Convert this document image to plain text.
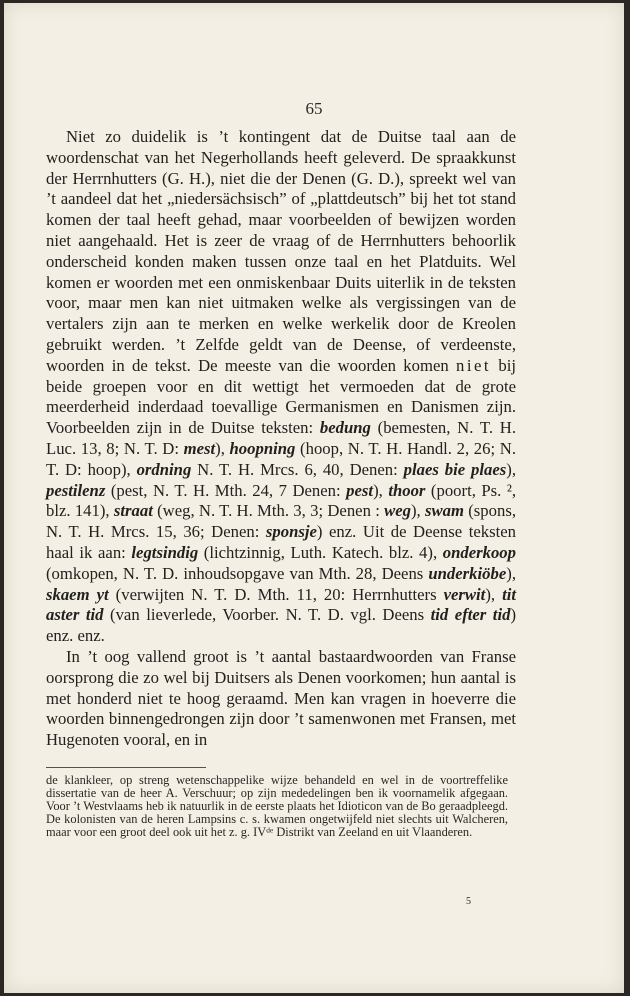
65

Niet zo duidelik is ’t kontingent dat de Duitse taal aan de woordenschat van het Negerhollands heeft geleverd. De spraakkunst der Herrnhutters (G. H.), niet die der Denen (G. D.), spreekt wel van ’t aandeel dat het „niedersächsisch” of „plattdeutsch” bij het tot stand komen der taal heeft gehad, maar voorbeelden of bewijzen worden niet aangehaald. Het is zeer de vraag of de Herrnhutters behoorlik onderscheid konden maken tussen onze taal en het Platduits. Wel komen er woorden met een onmiskenbaar Duits uiterlik in de teksten voor, maar men kan niet uitmaken welke als vergissingen van de vertalers zijn aan te merken en welke werkelik door de Kreolen gebruikt werden. ’t Zelfde geldt van de Deense, of verdeenste, woorden in de tekst. De meeste van die woorden komen niet bij beide groepen voor en dit wettigt het vermoeden dat de grote meerderheid inderdaad toevallige Germanismen en Danismen zijn. Voorbeelden zijn in de Duitse teksten: bedung (bemesten, N. T. H. Luc. 13, 8; N. T. D: mest), hoopning (hoop, N. T. H. Handl. 2, 26; N. T. D: hoop), ordning N. T. H. Mrcs. 6, 40, Denen: plaes bie plaes), pestilenz (pest, N. T. H. Mth. 24, 7 Denen: pest), thoor (poort, Ps. ², blz. 141), straat (weg, N. T. H. Mth. 3, 3; Denen : weg), swam (spons, N. T. H. Mrcs. 15, 36; Denen: sponsje) enz. Uit de Deense teksten haal ik aan: legtsindig (lichtzinnig, Luth. Katech. blz. 4), onderkoop (omkopen, N. T. D. inhoudsopgave van Mth. 28, Deens underkiöbe), skaem yt (verwijten N. T. D. Mth. 11, 20: Herrnhutters verwit), tit aster tid (van lieverlede, Voorber. N. T. D. vgl. Deens tid efter tid) enz. enz.

In ’t oog vallend groot is ’t aantal bastaardwoorden van Franse oorsprong die zo wel bij Duitsers als Denen voorkomen; hun aantal is met honderd niet te hoog geraamd. Men kan vragen in hoeverre die woorden binnengedrongen zijn door ’t samenwonen met Fransen, met Hugenoten vooral, en in

de klankleer, op streng wetenschappelike wijze behandeld en wel in de voortreffelike dissertatie van de heer A. Verschuur; op zijn mededelingen ben ik voornamelik afgegaan. Voor ’t Westvlaams heb ik natuurlik in de eerste plaats het Idioticon van de Bo geraadpleegd. De kolonisten van de heren Lampsins c. s. kwamen ongetwijfeld niet slechts uit Walcheren, maar voor een groot deel ook uit het z. g. IVᵈᵉ Distrikt van Zeeland en uit Vlaanderen.

5
